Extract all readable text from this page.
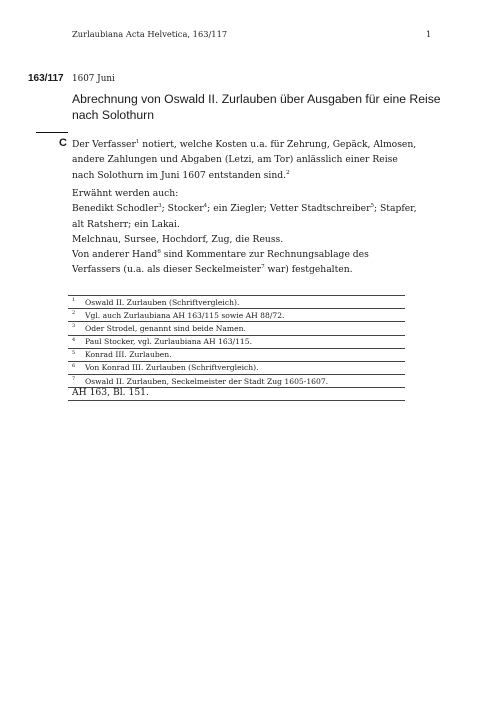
Zurlaubiana Acta Helvetica, 163/117	1
163/117 1607 Juni
Abrechnung von Oswald II. Zurlauben über Ausgaben für eine Reise nach Solothurn
C Der Verfasser$^1$ notiert, welche Kosten u.a. für Zehrung, Gepäck, Almosen, andere Zahlungen und Abgaben (Letzi, am Tor) anlässlich einer Reise nach Solothurn im Juni 1607 entstanden sind.$^2$
Erwähnt werden auch:
Benedikt Schodler$^3$; Stocker$^4$; ein Ziegler; Vetter Stadtschreiber$^5$; Stapfer, alt Ratsherr; ein Lakai.
Melchnau, Sursee, Hochdorf, Zug, die Reuss.
Von anderer Hand$^6$ sind Kommentare zur Rechnungsablage des Verfassers (u.a. als dieser Seckelmeister$^7$ war) festgehalten.
1 Oswald II. Zurlauben (Schriftvergleich).
2 Vgl. auch Zurlaubiana AH 163/115 sowie AH 88/72.
3 Oder Strodel, genannt sind beide Namen.
4 Paul Stocker, vgl. Zurlaubiana AH 163/115.
5 Konrad III. Zurlauben.
6 Von Konrad III. Zurlauben (Schriftvergleich).
7 Oswald II. Zurlauben, Seckelmeister der Stadt Zug 1605-1607.
AH 163, Bl. 151.
